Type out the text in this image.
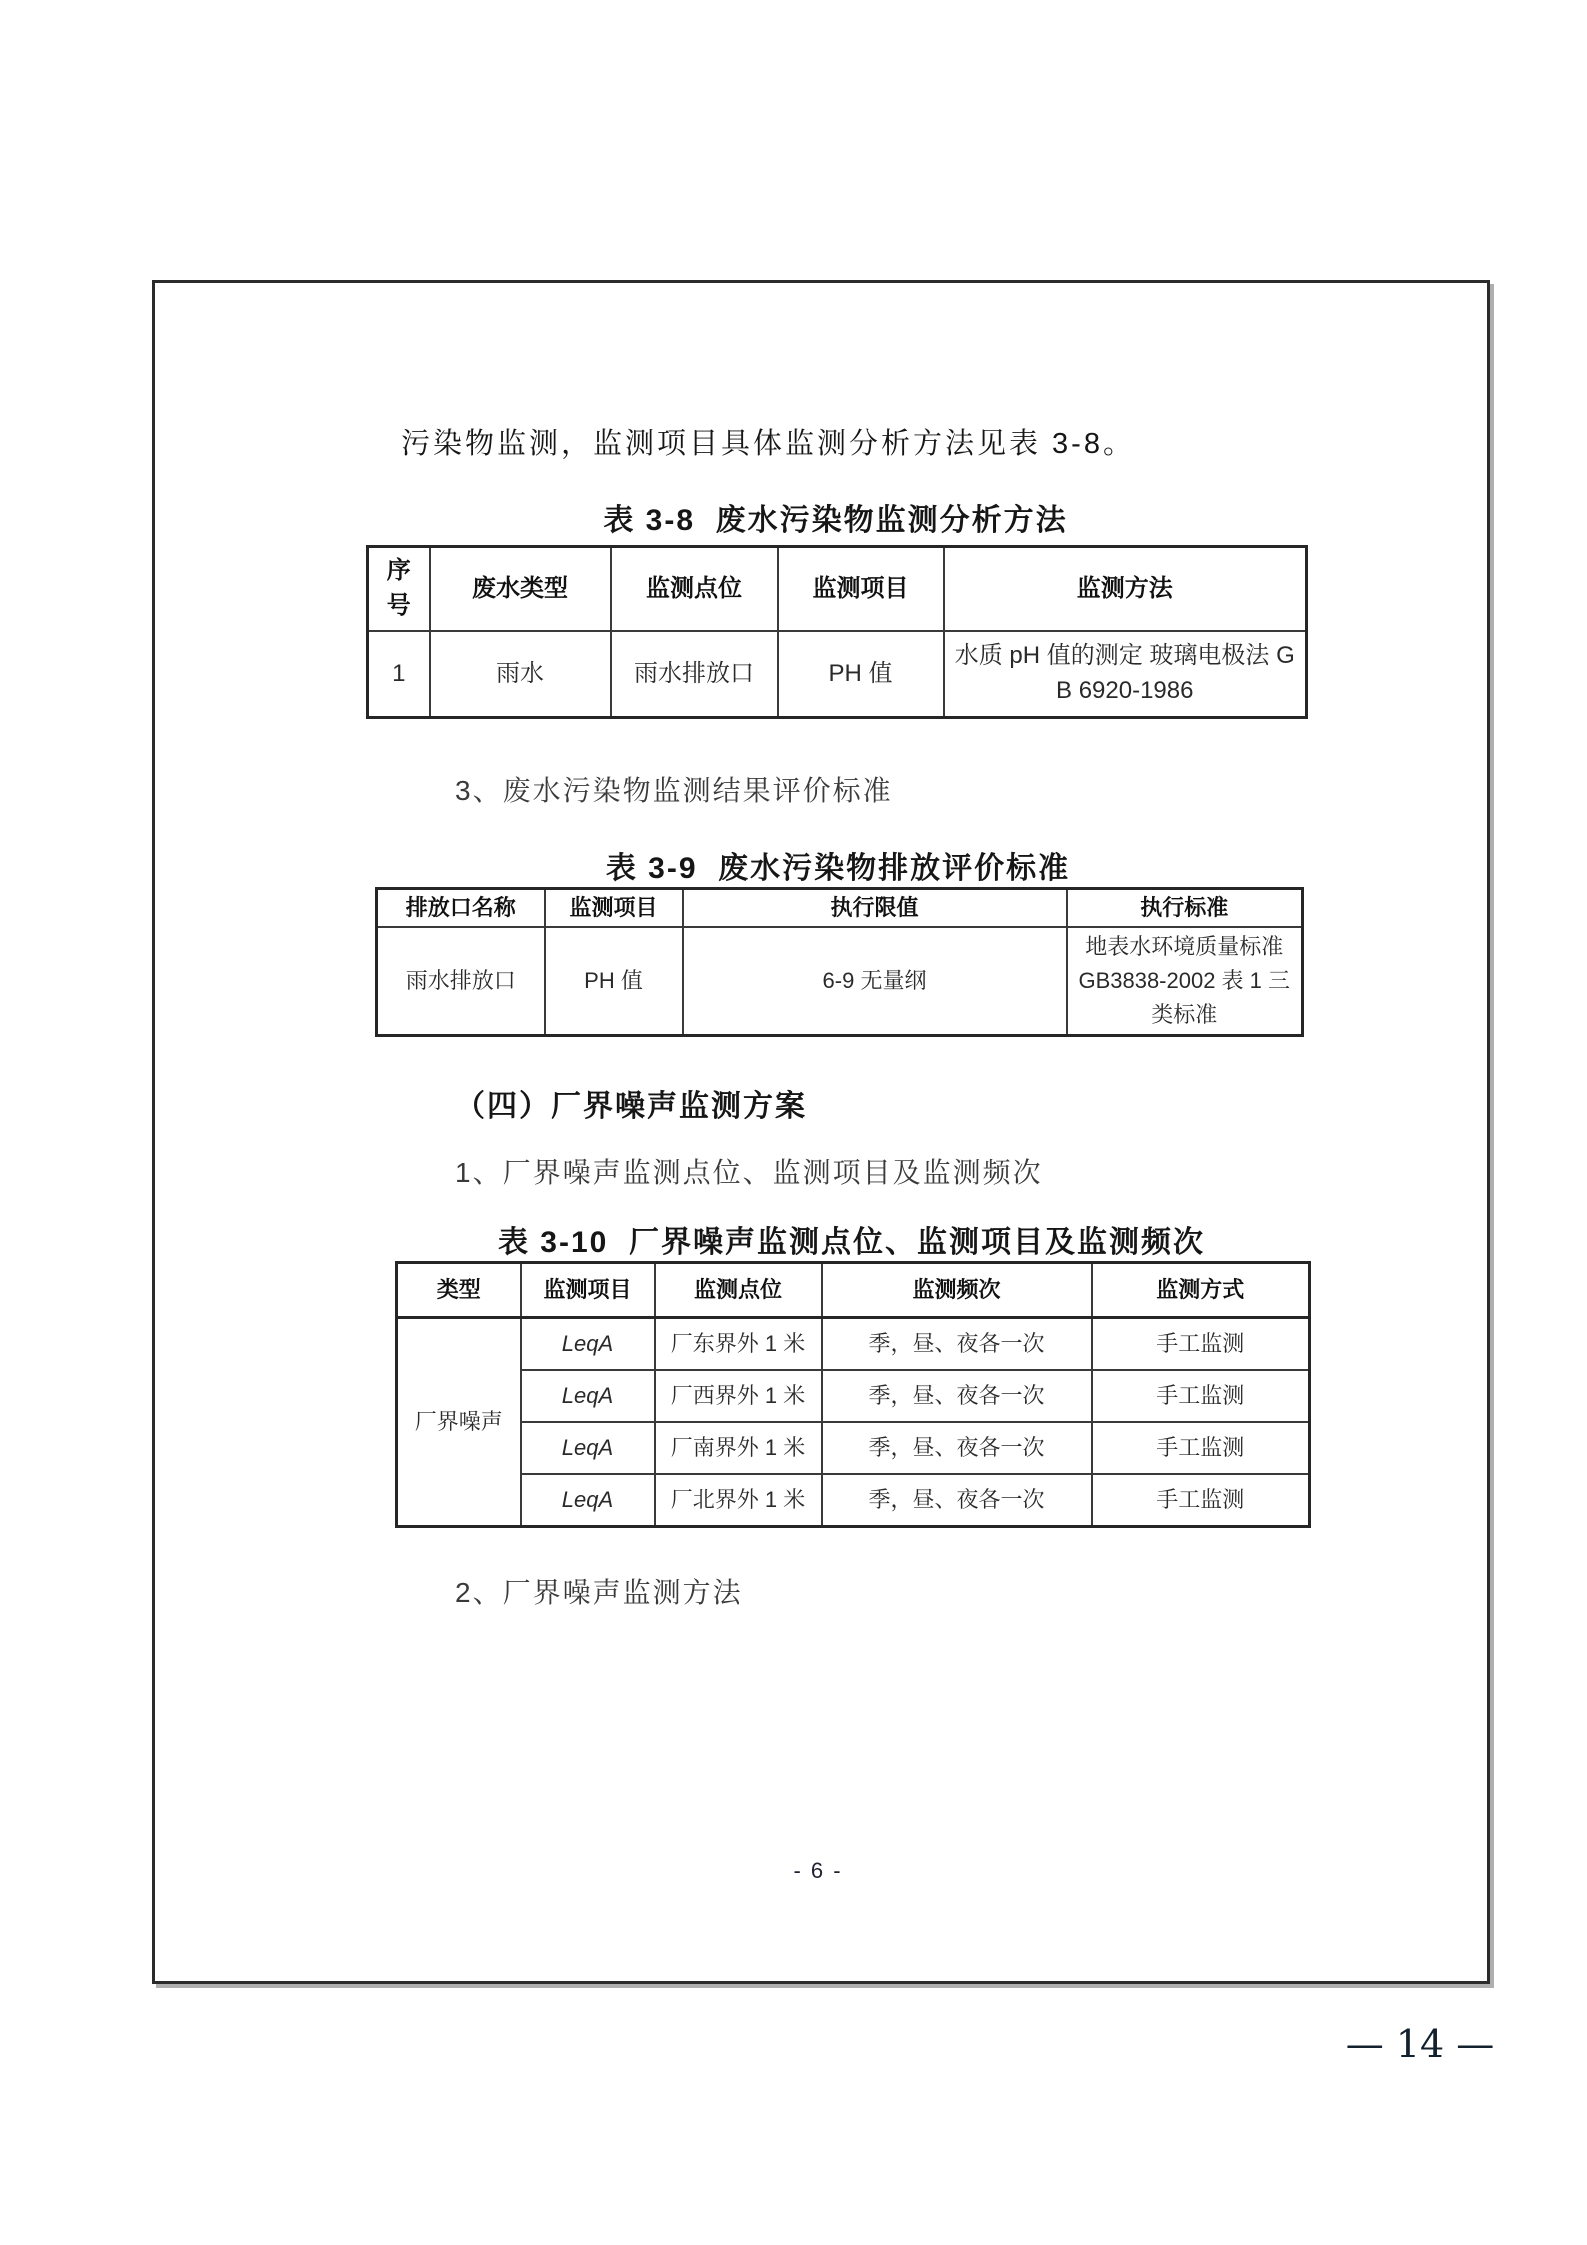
污染物监测，监测项目具体监测分析方法见表 3-8。
表 3-8  废水污染物监测分析方法
序号	废水类型	监测点位	监测项目	监测方法
1	雨水	雨水排放口	PH 值	水质 pH 值的测定 玻璃电极法 GB 6920-1986
3、废水污染物监测结果评价标准
表 3-9  废水污染物排放评价标准
排放口名称	监测项目	执行限值	执行标准
雨水排放口	PH 值	6-9 无量纲	地表水环境质量标准 GB3838-2002 表 1 三类标准
（四）厂界噪声监测方案
1、厂界噪声监测点位、监测项目及监测频次
表 3-10  厂界噪声监测点位、监测项目及监测频次
类型	监测项目	监测点位	监测频次	监测方式
厂界噪声	LeqA	厂东界外 1 米	季，昼、夜各一次	手工监测
	LeqA	厂西界外 1 米	季，昼、夜各一次	手工监测
	LeqA	厂南界外 1 米	季，昼、夜各一次	手工监测
	LeqA	厂北界外 1 米	季，昼、夜各一次	手工监测
2、厂界噪声监测方法
- 6 -
— 14 —
